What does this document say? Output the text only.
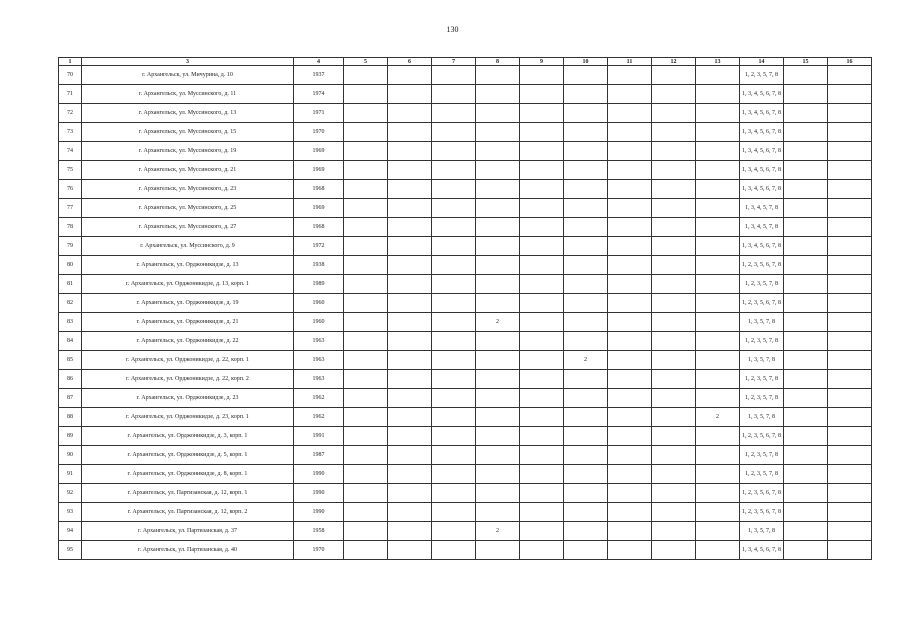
130
1	3	4	5	6	7	8	9	10	11	12	13	14	15	16
70	г. Архангельск, ул. Мичурина, д. 10	1937										1, 2, 3, 5, 7, 8		
71	г. Архангельск, ул. Муссинского, д. 11	1974										1, 3, 4, 5, 6, 7, 8		
72	г. Архангельск, ул. Муссинского, д. 13	1971										1, 3, 4, 5, 6, 7, 8		
73	г. Архангельск, ул. Муссинского, д. 15	1970										1, 3, 4, 5, 6, 7, 8		
74	г. Архангельск, ул. Муссинского, д. 19	1969										1, 3, 4, 5, 6, 7, 8		
75	г. Архангельск, ул. Муссинского, д. 21	1969										1, 3, 4, 5, 6, 7, 8		
76	г. Архангельск, ул. Муссинского, д. 23	1968										1, 3, 4, 5, 6, 7, 8		
77	г. Архангельск, ул. Муссинского, д. 25	1969										1, 3, 4, 5, 7, 8		
78	г. Архангельск, ул. Муссинского, д. 27	1968										1, 3, 4, 5, 7, 8		
79	г. Архангельск, ул. Муссинского, д. 9	1972										1, 3, 4, 5, 6, 7, 8		
80	г. Архангельск, ул. Орджоникидзе, д. 13	1938										1, 2, 3, 5, 6, 7, 8		
81	г. Архангельск, ул. Орджоникидзе, д. 13, корп. 1	1989										1, 2, 3, 5, 7, 8		
82	г. Архангельск, ул. Орджоникидзе, д. 19	1960										1, 2, 3, 5, 6, 7, 8		
83	г. Архангельск, ул. Орджоникидзе, д. 21	1960				2						1, 3, 5, 7, 8		
84	г. Архангельск, ул. Орджоникидзе, д. 22	1963										1, 2, 3, 5, 7, 8		
85	г. Архангельск, ул. Орджоникидзе, д. 22, корп. 1	1963						2				1, 3, 5, 7, 8		
86	г. Архангельск, ул. Орджоникидзе, д. 22, корп. 2	1963										1, 2, 3, 5, 7, 8		
87	г. Архангельск, ул. Орджоникидзе, д. 23	1962										1, 2, 3, 5, 7, 8		
88	г. Архангельск, ул. Орджоникидзе, д. 23, корп. 1	1962									2	1, 3, 5, 7, 8		
89	г. Архангельск, ул. Орджоникидзе, д. 3, корп. 1	1991										1, 2, 3, 5, 6, 7, 8		
90	г. Архангельск, ул. Орджоникидзе, д. 5, корп. 1	1987										1, 2, 3, 5, 7, 8		
91	г. Архангельск, ул. Орджоникидзе, д. 8, корп. 1	1990										1, 2, 3, 5, 7, 8		
92	г. Архангельск, ул. Партизанская, д. 12, корп. 1	1990										1, 2, 3, 5, 6, 7, 8		
93	г. Архангельск, ул. Партизанская, д. 12, корп. 2	1990										1, 2, 3, 5, 6, 7, 8		
94	г. Архангельск, ул. Партизанская, д. 37	1958				2						1, 3, 5, 7, 8		
95	г. Архангельск, ул. Партизанская, д. 40	1970										1, 3, 4, 5, 6, 7, 8		
